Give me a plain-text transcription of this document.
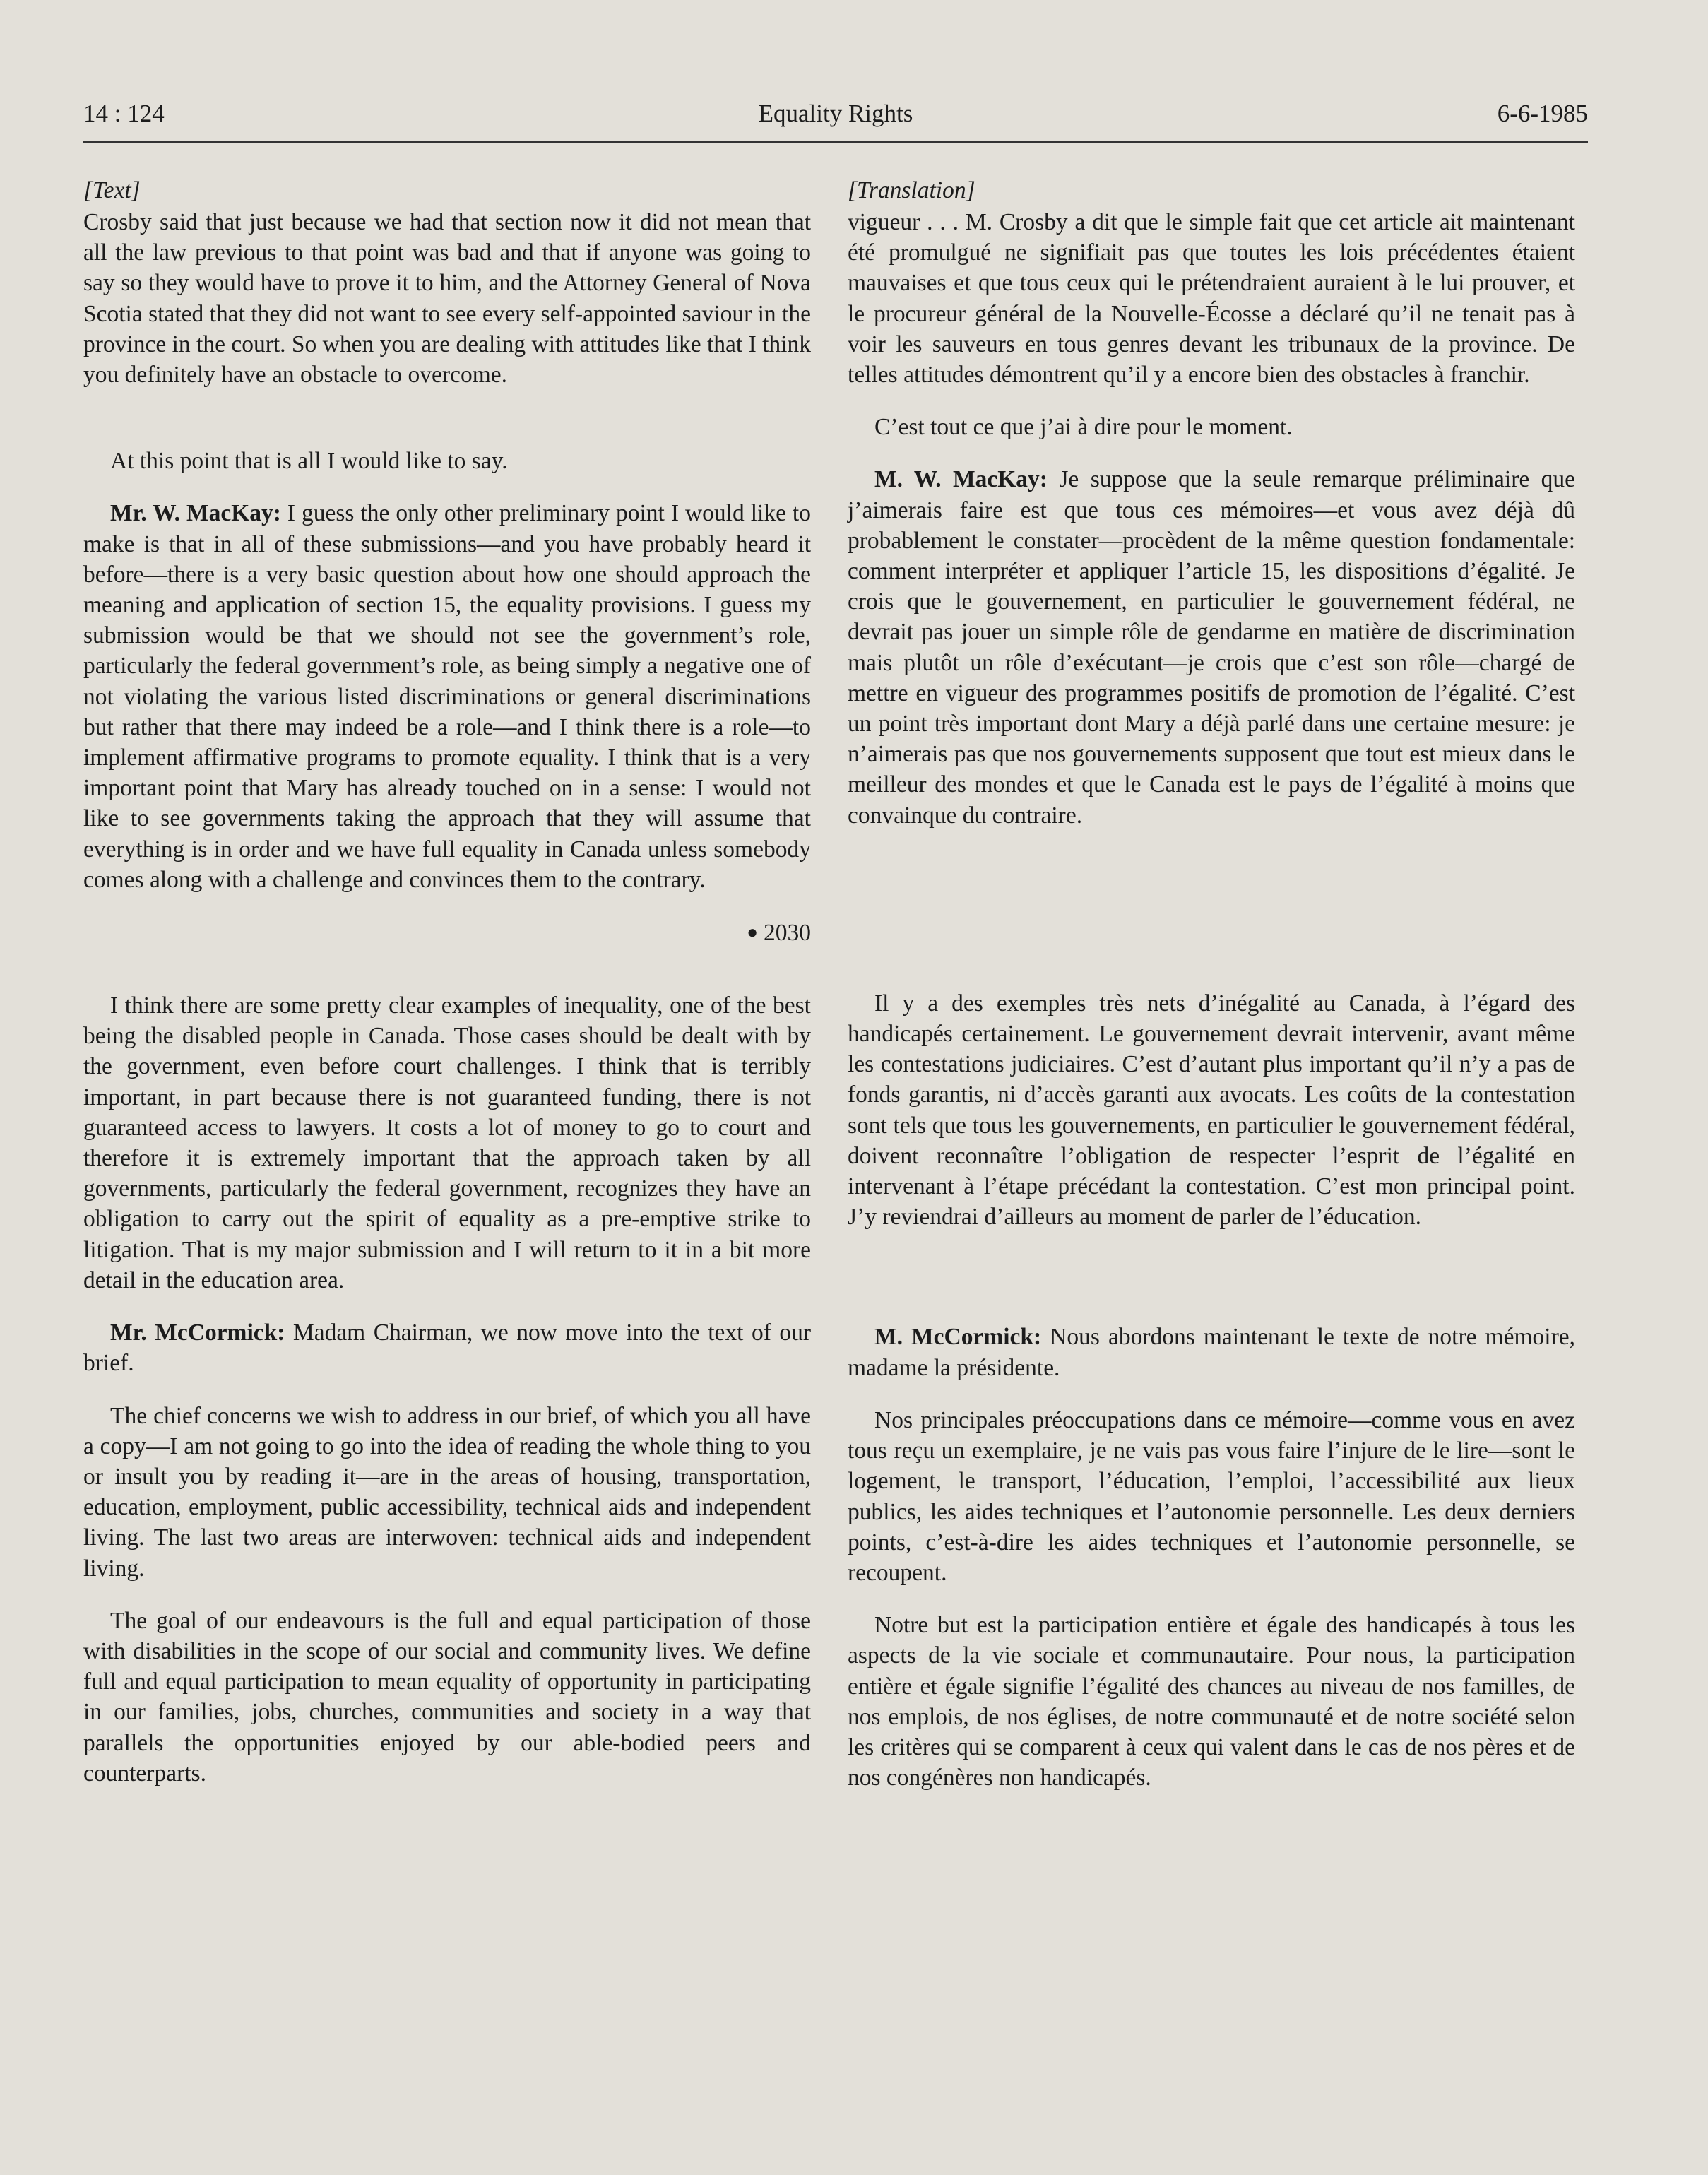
Equality Rights
14 : 124	6-6-1985
[Text]

Crosby said that just because we had that section now it did not mean that all the law previous to that point was bad and that if anyone was going to say so they would have to prove it to him, and the Attorney General of Nova Scotia stated that they did not want to see every self-appointed saviour in the province in the court. So when you are dealing with attitudes like that I think you definitely have an obstacle to overcome.

At this point that is all I would like to say.

Mr. W. MacKay: I guess the only other preliminary point I would like to make is that in all of these submissions—and you have probably heard it before—there is a very basic question about how one should approach the meaning and application of section 15, the equality provisions. I guess my submission would be that we should not see the government’s role, particularly the federal government’s role, as being simply a negative one of not violating the various listed discriminations or general discriminations but rather that there may indeed be a role—and I think there is a role—to implement affirmative programs to promote equality. I think that is a very important point that Mary has already touched on in a sense: I would not like to see governments taking the approach that they will assume that everything is in order and we have full equality in Canada unless somebody comes along with a challenge and convinces them to the contrary.

● 2030

I think there are some pretty clear examples of inequality, one of the best being the disabled people in Canada. Those cases should be dealt with by the government, even before court challenges. I think that is terribly important, in part because there is not guaranteed funding, there is not guaranteed access to lawyers. It costs a lot of money to go to court and therefore it is extremely important that the approach taken by all governments, particularly the federal government, recognizes they have an obligation to carry out the spirit of equality as a pre-emptive strike to litigation. That is my major submission and I will return to it in a bit more detail in the education area.

Mr. McCormick: Madam Chairman, we now move into the text of our brief.

The chief concerns we wish to address in our brief, of which you all have a copy—I am not going to go into the idea of reading the whole thing to you or insult you by reading it—are in the areas of housing, transportation, education, employment, public accessibility, technical aids and independent living. The last two areas are interwoven: technical aids and independent living.

The goal of our endeavours is the full and equal participation of those with disabilities in the scope of our social and community lives. We define full and equal participation to mean equality of opportunity in participating in our families, jobs, churches, communities and society in a way that parallels the opportunities enjoyed by our able-bodied peers and counterparts.

[Translation]

vigueur . . . M. Crosby a dit que le simple fait que cet article ait maintenant été promulgué ne signifiait pas que toutes les lois précédentes étaient mauvaises et que tous ceux qui le prétendraient auraient à le lui prouver, et le procureur général de la Nouvelle-Écosse a déclaré qu’il ne tenait pas à voir les sauveurs en tous genres devant les tribunaux de la province. De telles attitudes démontrent qu’il y a encore bien des obstacles à franchir.

C’est tout ce que j’ai à dire pour le moment.

M. W. MacKay: Je suppose que la seule remarque préliminaire que j’aimerais faire est que tous ces mémoires—et vous avez déjà dû probablement le constater—procèdent de la même question fondamentale: comment interpréter et appliquer l’article 15, les dispositions d’égalité. Je crois que le gouvernement, en particulier le gouvernement fédéral, ne devrait pas jouer un simple rôle de gendarme en matière de discrimination mais plutôt un rôle d’exécutant—je crois que c’est son rôle—chargé de mettre en vigueur des programmes positifs de promotion de l’égalité. C’est un point très important dont Mary a déjà parlé dans une certaine mesure: je n’aimerais pas que nos gouvernements supposent que tout est mieux dans le meilleur des mondes et que le Canada est le pays de l’égalité à moins que convainque du contraire.

Il y a des exemples très nets d’inégalité au Canada, à l’égard des handicapés certainement. Le gouvernement devrait intervenir, avant même les contestations judiciaires. C’est d’autant plus important qu’il n’y a pas de fonds garantis, ni d’accès garanti aux avocats. Les coûts de la contestation sont tels que tous les gouvernements, en particulier le gouvernement fédéral, doivent reconnaître l’obligation de respecter l’esprit de l’égalité en intervenant à l’étape précédant la contestation. C’est mon principal point. J’y reviendrai d’ailleurs au moment de parler de l’éducation.

M. McCormick: Nous abordons maintenant le texte de notre mémoire, madame la présidente.

Nos principales préoccupations dans ce mémoire—comme vous en avez tous reçu un exemplaire, je ne vais pas vous faire l’injure de le lire—sont le logement, le transport, l’éducation, l’emploi, l’accessibilité aux lieux publics, les aides techniques et l’autonomie personnelle. Les deux derniers points, c’est-à-dire les aides techniques et l’autonomie personnelle, se recoupent.

Notre but est la participation entière et égale des handicapés à tous les aspects de la vie sociale et communautaire. Pour nous, la participation entière et égale signifie l’égalité des chances au niveau de nos familles, de nos emplois, de nos églises, de notre communauté et de notre société selon les critères qui se comparent à ceux qui valent dans le cas de nos pères et de nos congénères non handicapés.
